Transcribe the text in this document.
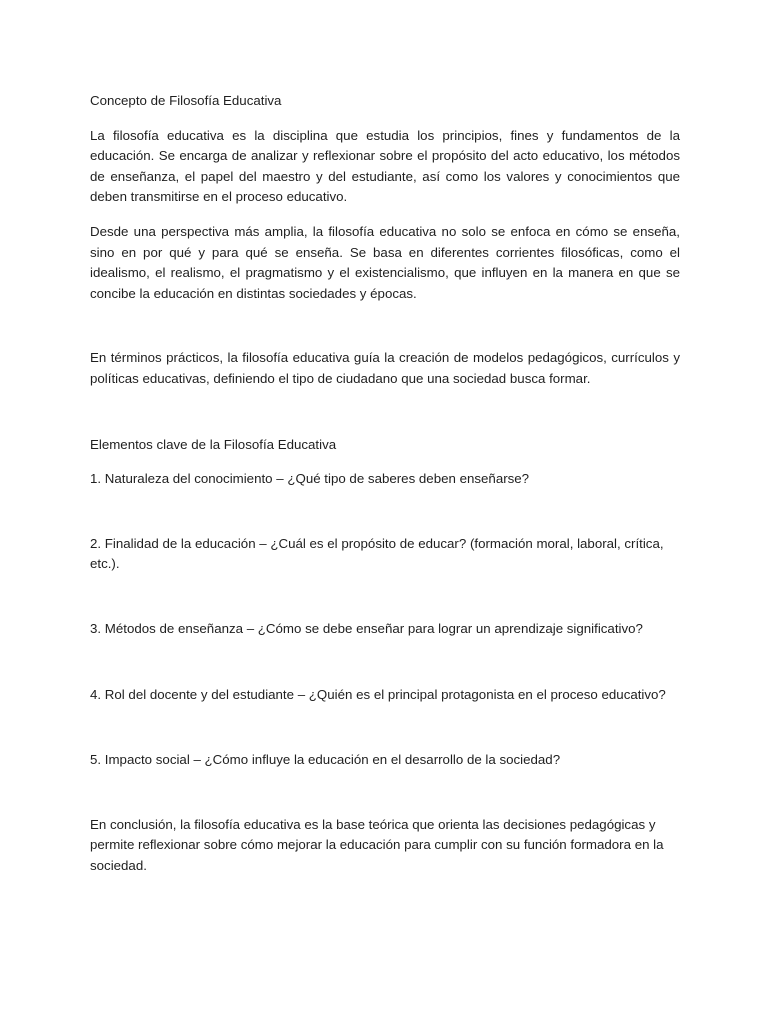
Concepto de Filosofía Educativa

La filosofía educativa es la disciplina que estudia los principios, fines y fundamentos de la educación. Se encarga de analizar y reflexionar sobre el propósito del acto educativo, los métodos de enseñanza, el papel del maestro y del estudiante, así como los valores y conocimientos que deben transmitirse en el proceso educativo.

Desde una perspectiva más amplia, la filosofía educativa no solo se enfoca en cómo se enseña, sino en por qué y para qué se enseña. Se basa en diferentes corrientes filosóficas, como el idealismo, el realismo, el pragmatismo y el existencialismo, que influyen en la manera en que se concibe la educación en distintas sociedades y épocas.

En términos prácticos, la filosofía educativa guía la creación de modelos pedagógicos, currículos y políticas educativas, definiendo el tipo de ciudadano que una sociedad busca formar.

Elementos clave de la Filosofía Educativa
1. Naturaleza del conocimiento – ¿Qué tipo de saberes deben enseñarse?
2. Finalidad de la educación – ¿Cuál es el propósito de educar? (formación moral, laboral, crítica, etc.).
3. Métodos de enseñanza – ¿Cómo se debe enseñar para lograr un aprendizaje significativo?
4. Rol del docente y del estudiante – ¿Quién es el principal protagonista en el proceso educativo?
5. Impacto social – ¿Cómo influye la educación en el desarrollo de la sociedad?

En conclusión, la filosofía educativa es la base teórica que orienta las decisiones pedagógicas y permite reflexionar sobre cómo mejorar la educación para cumplir con su función formadora en la sociedad.
